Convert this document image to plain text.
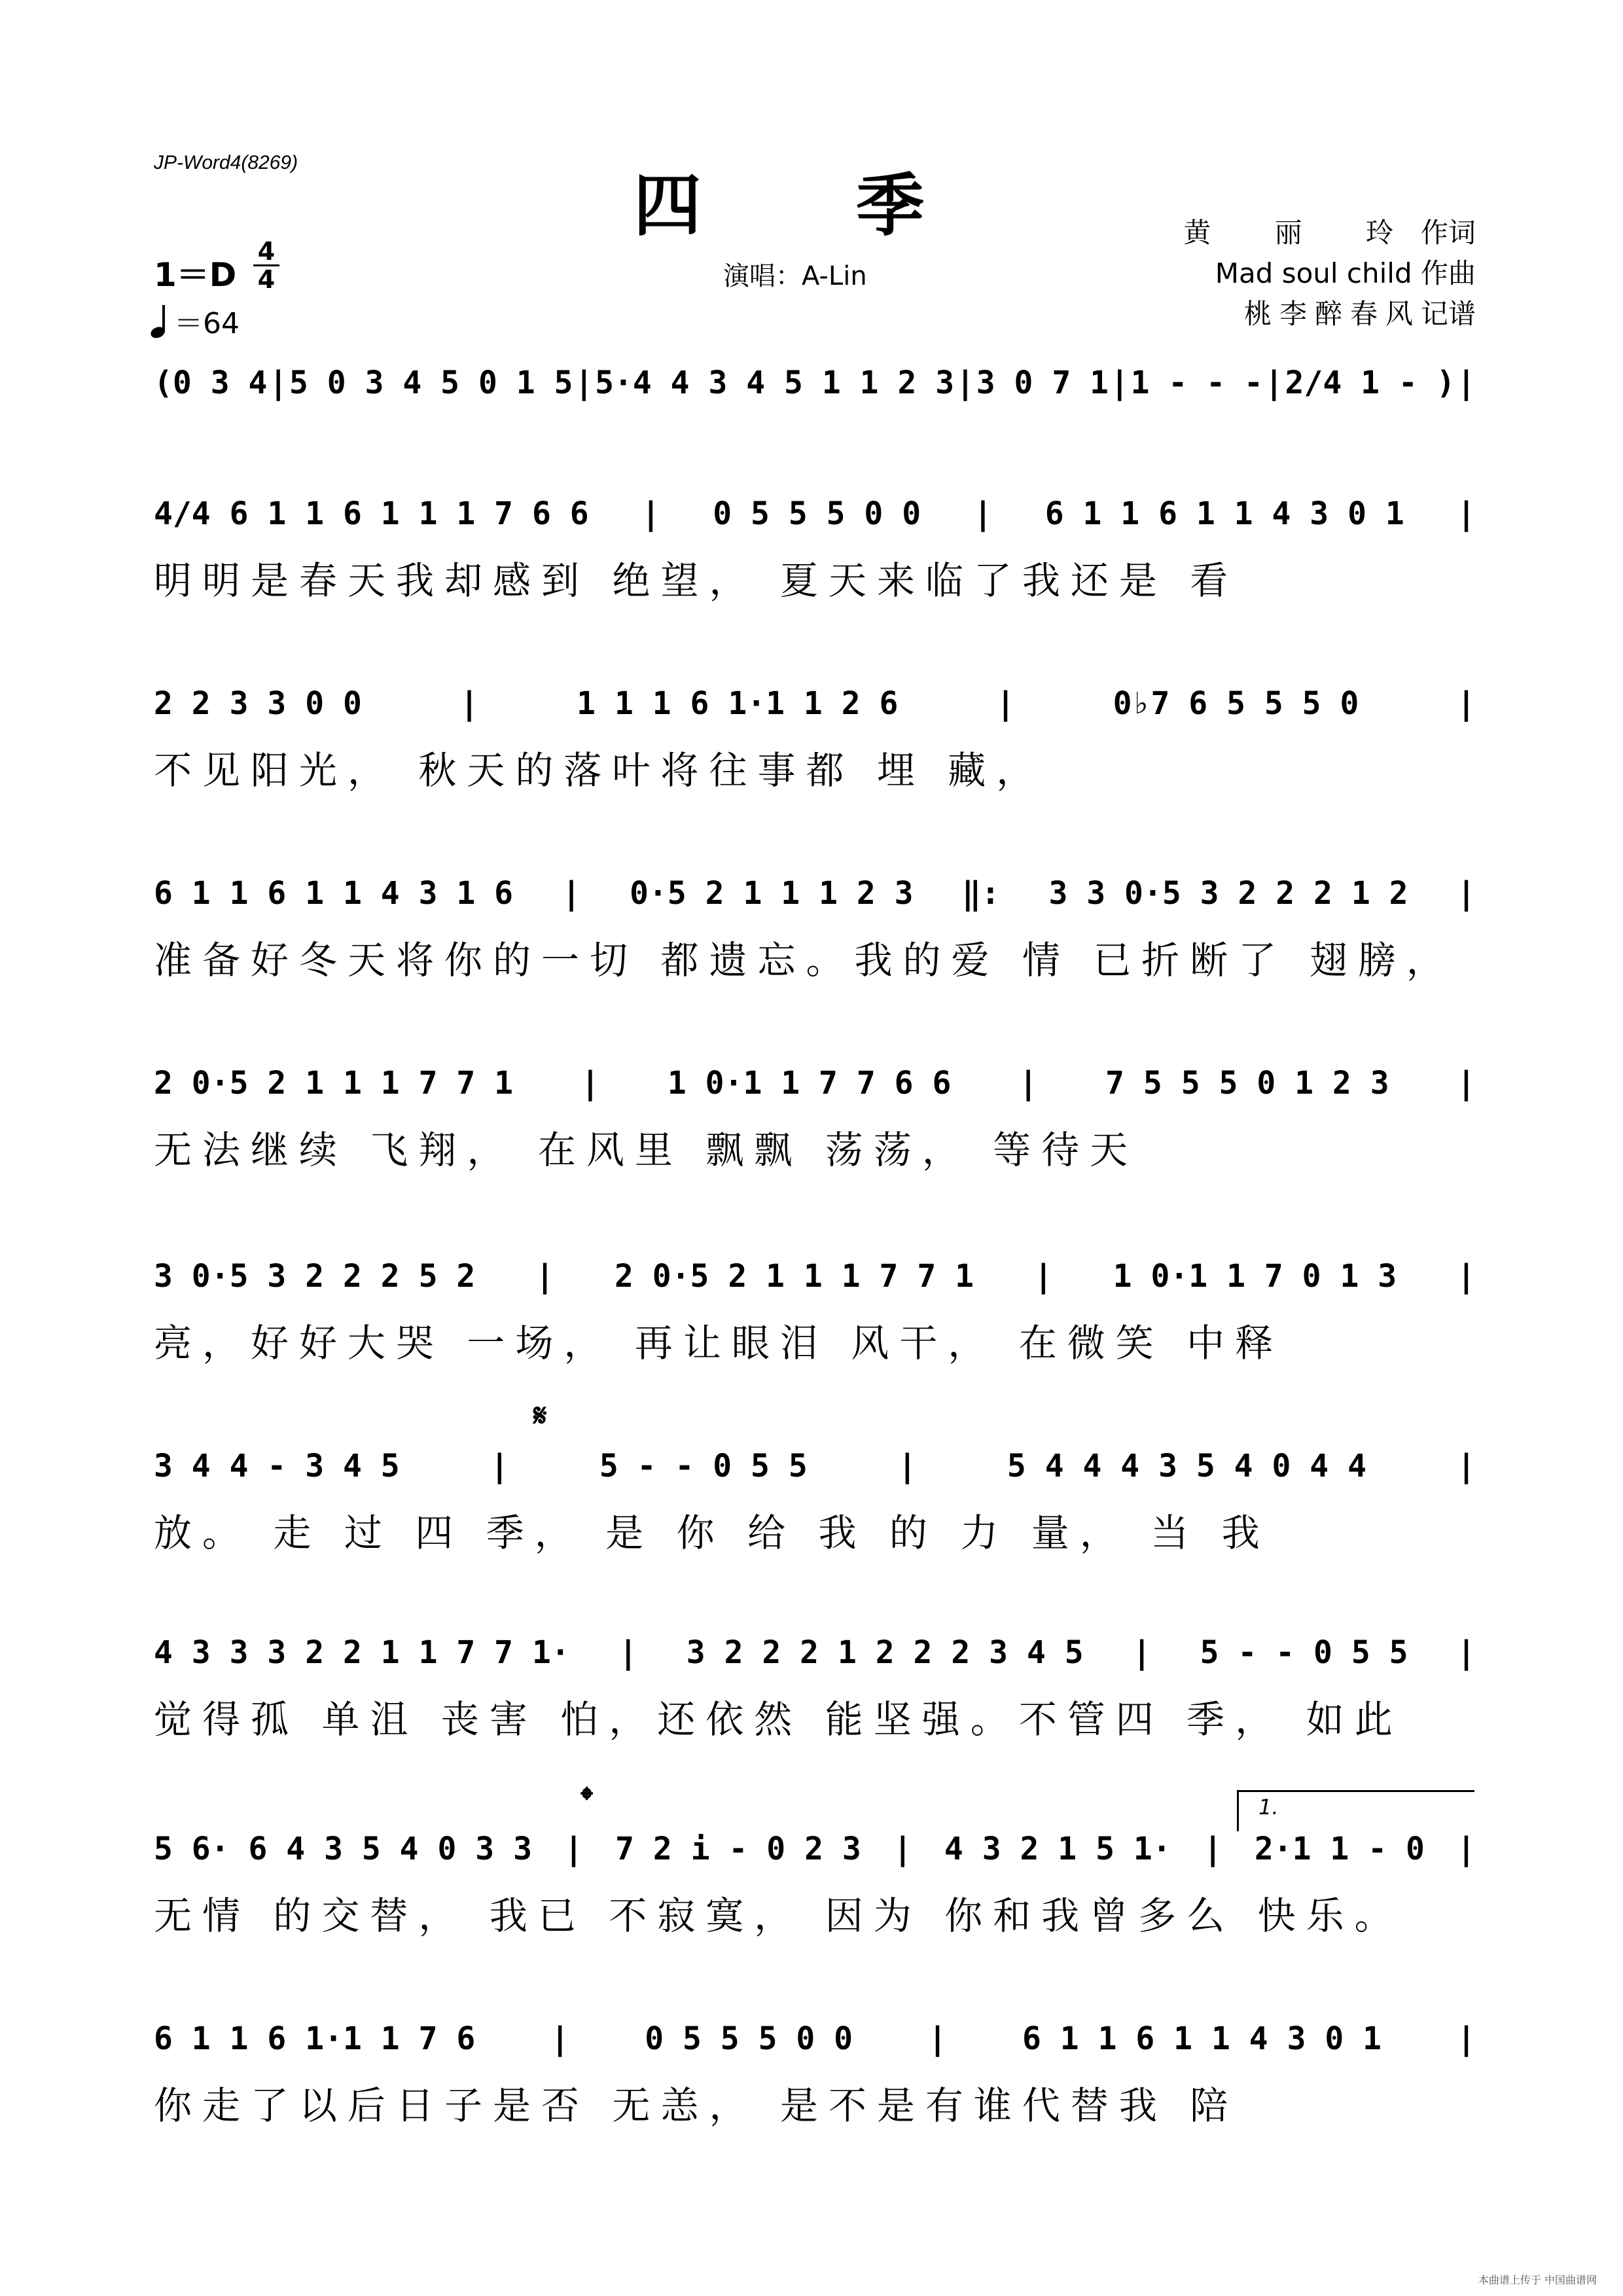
JP-Word4(8269)
四 季
演唱：A-Lin
黄 丽 玲作词
Mad soul child 作曲
桃李醉春风记谱
1＝D
4
4
＝64
𝄋
𝄌	1.
(0 3 4 | 5 0 3 4 5 0 1 5 | 5·4 4 3 4 5 1 1 2 3 | 3 0 7 1 | 1 - - - | 2/4 1 - ) |
4/4 6 1 1 6 1 1 1 7 6 6 | 0 5 5 5 0 0 | 6 1 1 6 1 1 4 3 0 1 |
明明是春天我却感到 绝望， 夏天来临了我还是 看
2 2 3 3 0 0	|	1 1 1 6 1·1 1 2 6	|	0♭7 6 5 5 5 0	|
不见阳光， 秋天的落叶将往事都 埋 藏，
6 1 1 6 1 1 4 3 1 6 | 0·5 2 1 1 1 2 3 ‖: 3 3 0·5 3 2 2 2 1 2 |
准备好冬天将你的一切 都遗忘。我的爱 情 已折断了 翅膀，
2 0·5 2 1 1 1 7 7 1 | 1 0·1 1 7 7 6 6 | 7 5 5 5 0 1 2 3 |
无法继续 飞翔， 在风里 飘飘 荡荡， 等待天
3 0·5 3 2 2 2 5 2 | 2 0·5 2 1 1 1 7 7 1 | 1 0·1 1 7 0 1 3 |
亮，好好大哭 一场， 再让眼泪 风干， 在微笑 中释
3 4 4 - 3 4 5	|	5 - - 0 5 5	|	5 4 4 4 3 5 4 0 4 4	|
放。 走 过 四 季， 是 你 给 我 的 力 量， 当 我
4 3 3 3 2 2 1 1 7 7 1· | 3 2 2 2 1 2 2 2 3 4 5 | 5 - - 0 5 5 |
觉得孤 单沮 丧害 怕，还依然 能坚强。不管四 季， 如此
5 6· 6 4 3 5 4 0 3 3 | 7 2 i - 0 2 3 | 4 3 2 1 5 1· | 2·1 1 - 0 |
无情 的交替， 我已 不寂寞， 因为 你和我曾多么 快乐。
6 1 1 6 1·1 1 7 6 | 0 5 5 5 0 0 | 6 1 1 6 1 1 4 3 0 1 |
你走了以后日子是否 无恙， 是不是有谁代替我 陪
本曲谱上传于 中国曲谱网
